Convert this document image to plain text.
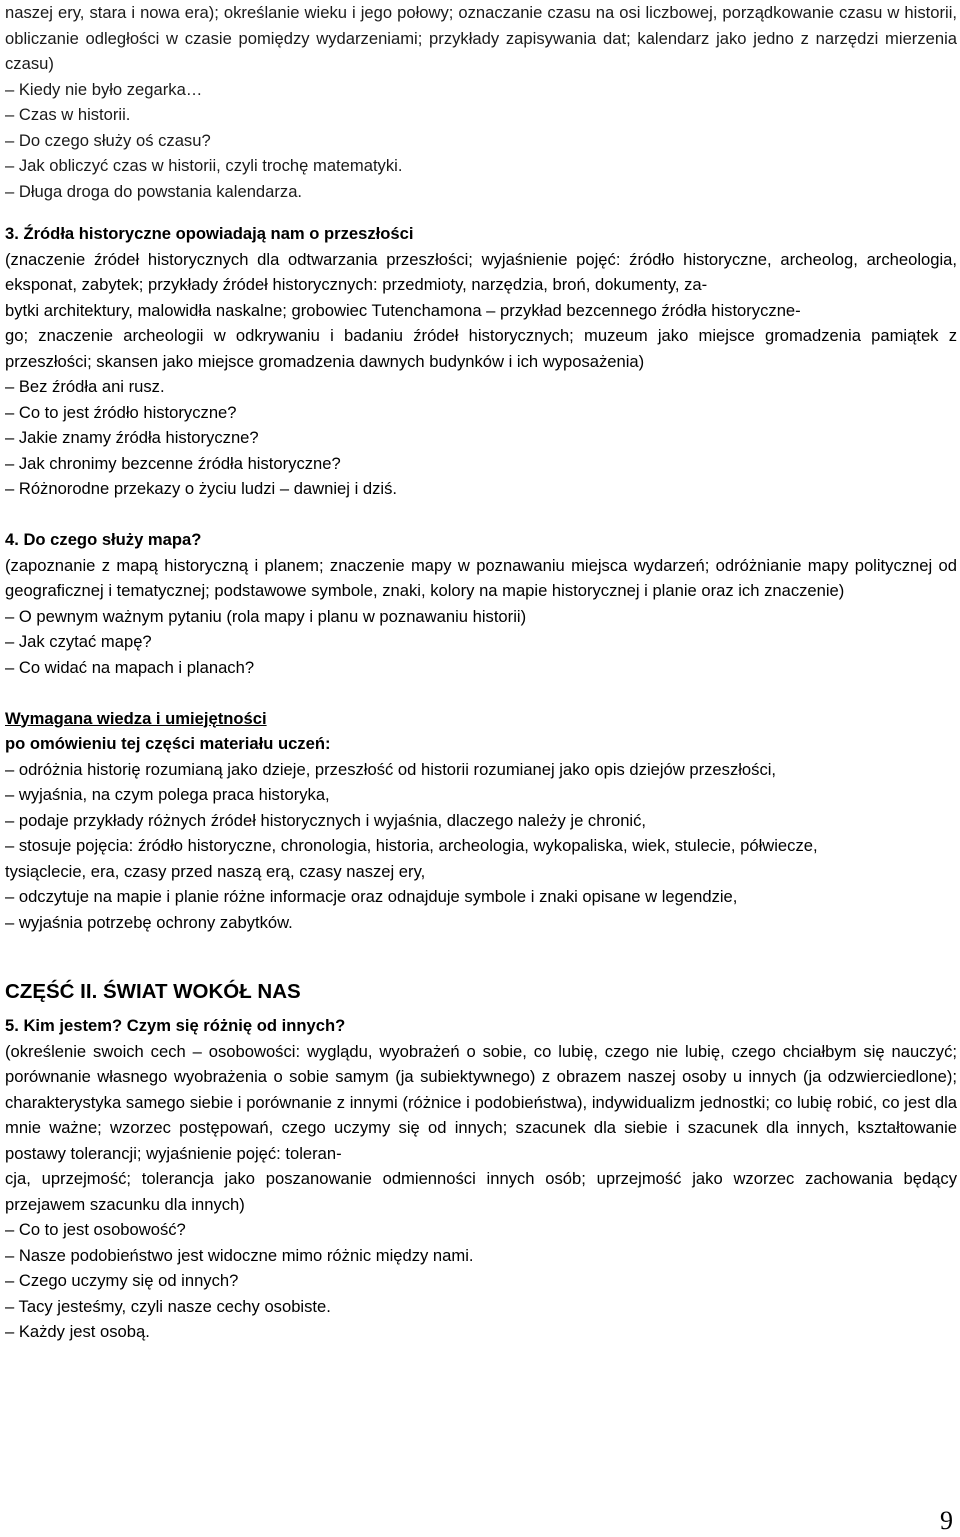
naszej ery, stara i nowa era); określanie wieku i jego połowy; oznaczanie czasu na osi liczbowej, porządkowanie czasu w historii, obliczanie odległości w czasie pomiędzy wydarzeniami; przykłady zapisywania dat; kalendarz jako jedno z narzędzi mierzenia czasu)

– Kiedy nie było zegarka…

– Czas w historii.

– Do czego służy oś czasu?

– Jak obliczyć czas w historii, czyli trochę matematyki.

– Długa droga do powstania kalendarza.

3. Źródła historyczne opowiadają nam o przeszłości

(znaczenie źródeł historycznych dla odtwarzania przeszłości; wyjaśnienie pojęć: źródło historyczne, archeolog, archeologia, eksponat, zabytek; przykłady źródeł historycznych: przedmioty, narzędzia, broń, dokumenty, za-
bytki architektury, malowidła naskalne; grobowiec Tutenchamona – przykład bezcennego źródła historyczne-
go; znaczenie archeologii w odkrywaniu i badaniu źródeł historycznych; muzeum jako miejsce gromadzenia pamiątek z przeszłości; skansen jako miejsce gromadzenia dawnych budynków i ich wyposażenia)

– Bez źródła ani rusz.

– Co to jest źródło historyczne?

– Jakie znamy źródła historyczne?

– Jak chronimy bezcenne źródła historyczne?

– Różnorodne przekazy o życiu ludzi – dawniej i dziś.

4. Do czego służy mapa?

(zapoznanie z mapą historyczną i planem; znaczenie mapy w poznawaniu miejsca wydarzeń; odróżnianie mapy politycznej od geograficznej i tematycznej; podstawowe symbole, znaki, kolory na mapie historycznej i planie oraz ich znaczenie)

– O pewnym ważnym pytaniu (rola mapy i planu w poznawaniu historii)

– Jak czytać mapę?

– Co widać na mapach i planach?

Wymagana wiedza i umiejętności

po omówieniu tej części materiału uczeń:

– odróżnia historię rozumianą jako dzieje, przeszłość od historii rozumianej jako opis dziejów przeszłości,

– wyjaśnia, na czym polega praca historyka,

– podaje przykłady różnych źródeł historycznych i wyjaśnia, dlaczego należy je chronić,

– stosuje pojęcia: źródło historyczne, chronologia, historia, archeologia, wykopaliska, wiek, stulecie, półwiecze,
tysiąclecie, era, czasy przed naszą erą, czasy naszej ery,

– odczytuje na mapie i planie różne informacje oraz odnajduje symbole i znaki opisane w legendzie,

– wyjaśnia potrzebę ochrony zabytków.

CZĘŚĆ II. ŚWIAT WOKÓŁ NAS

5. Kim jestem? Czym się różnię od innych?

(określenie swoich cech – osobowości: wyglądu, wyobrażeń o sobie, co lubię, czego nie lubię, czego chciałbym się nauczyć; porównanie własnego wyobrażenia o sobie samym (ja subiektywnego) z obrazem naszej osoby u innych (ja odzwierciedlone); charakterystyka samego siebie i porównanie z innymi (różnice i podobieństwa), indywidualizm jednostki; co lubię robić, co jest dla mnie ważne; wzorzec postępowań, czego uczymy się od innych; szacunek dla siebie i szacunek dla innych, kształtowanie postawy tolerancji; wyjaśnienie pojęć: toleran-
cja, uprzejmość; tolerancja jako poszanowanie odmienności innych osób; uprzejmość jako wzorzec zachowania będący przejawem szacunku dla innych)

– Co to jest osobowość?

– Nasze podobieństwo jest widoczne mimo różnic między nami.

– Czego uczymy się od innych?

– Tacy jesteśmy, czyli nasze cechy osobiste.

– Każdy jest osobą.

9
